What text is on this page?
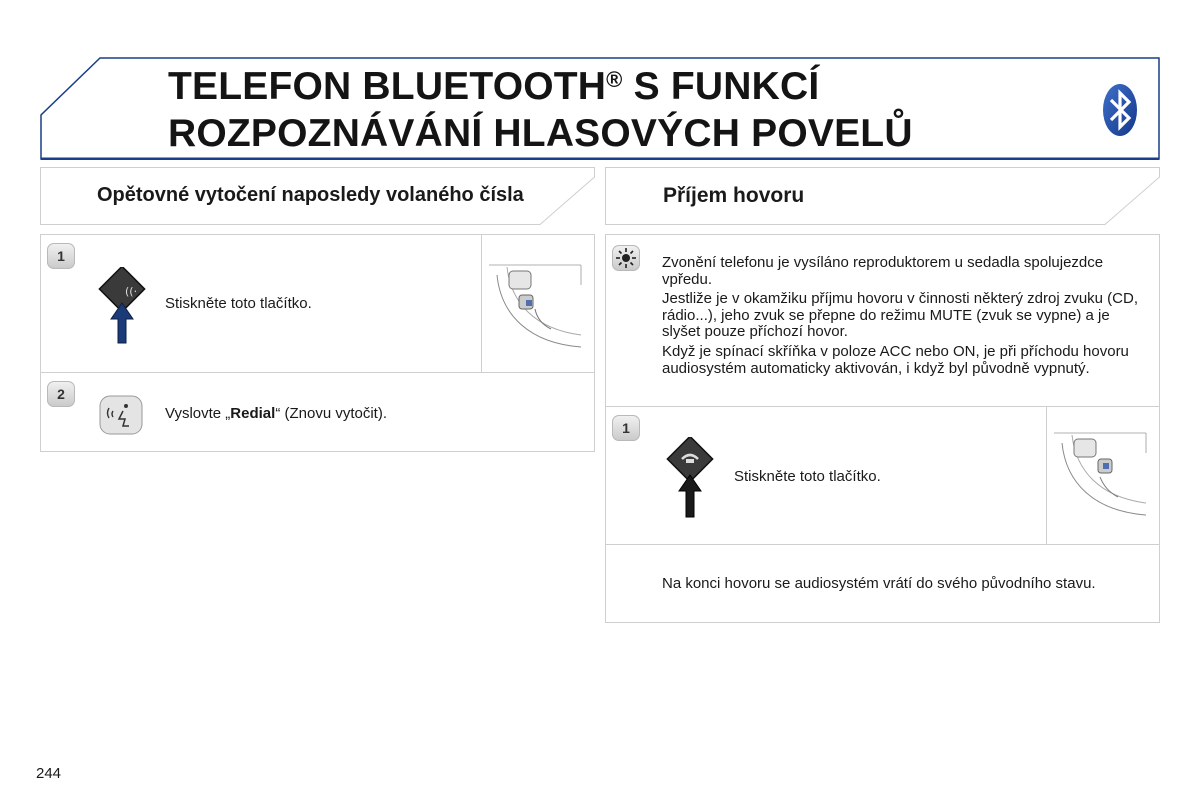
TELEFON BLUETOOTH® S FUNKCÍ
ROZPOZNÁVÁNÍ HLASOVÝCH POVELŮ
Opětovné vytočení naposledy volaného čísla
1
((·
Stiskněte toto tlačítko.
2
Vyslovte „Redial“ (Znovu vytočit).
Příjem hovoru
Zvonění telefonu je vysíláno reproduktorem u sedadla spolujezdce vpředu.
Jestliže je v okamžiku příjmu hovoru v činnosti některý zdroj zvuku (CD, rádio...), jeho zvuk se přepne do režimu MUTE (zvuk se vypne) a je slyšet pouze příchozí hovor.
Když je spínací skříňka v poloze ACC nebo ON, je při příchodu hovoru audiosystém automaticky aktivován, i když byl původně vypnutý.
1
Stiskněte toto tlačítko.
Na konci hovoru se audiosystém vrátí do svého původního stavu.
244
